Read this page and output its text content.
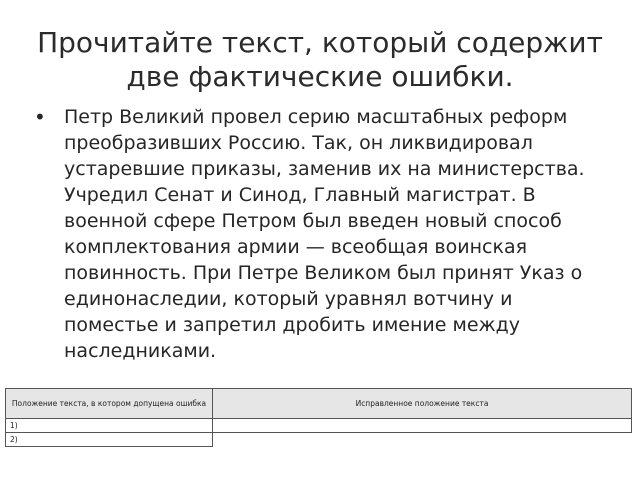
Прочитайте текст, который содержит две фактические ошибки.
• Петр Великий провел серию масштабных реформ преобразивших Россию. Так, он ликвидировал устаревшие приказы, заменив их на министерства. Учредил Сенат и Синод, Главный магистрат. В военной сфере Петром был введен новый способ комплектования армии — всеобщая воинская повинность. При Петре Великом был принят Указ о единонаследии, который уравнял вотчину и поместье и запретил дробить имение между наследниками.
Положение текста, в котором допущена ошибка	Исправленное положение текста
1)	
2)	
